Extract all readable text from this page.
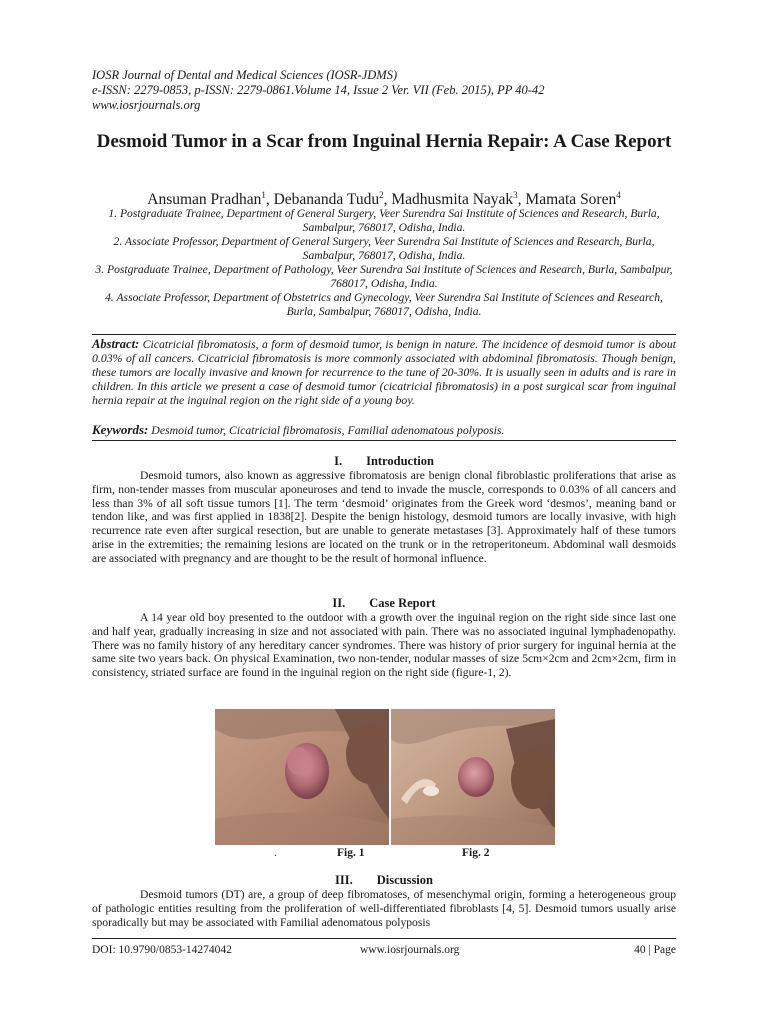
IOSR Journal of Dental and Medical Sciences (IOSR-JDMS)
e-ISSN: 2279-0853, p-ISSN: 2279-0861.Volume 14, Issue 2 Ver. VII (Feb. 2015), PP 40-42
www.iosrjournals.org
Desmoid Tumor in a Scar from Inguinal Hernia Repair: A Case Report
Ansuman Pradhan$^1$, Debananda Tudu$^2$, Madhusmita Nayak$^3$, Mamata Soren$^4$

1. Postgraduate Trainee, Department of General Surgery, Veer Surendra Sai Institute of Sciences and Research, Burla, Sambalpur, 768017, Odisha, India.

2. Associate Professor, Department of General Surgery, Veer Surendra Sai Institute of Sciences and Research, Burla, Sambalpur, 768017, Odisha, India.

3. Postgraduate Trainee, Department of Pathology, Veer Surendra Sai Institute of Sciences and Research, Burla, Sambalpur, 768017, Odisha, India.

4. Associate Professor, Department of Obstetrics and Gynecology, Veer Surendra Sai Institute of Sciences and Research, Burla, Sambalpur, 768017, Odisha, India.

Abstract: Cicatricial fibromatosis, a form of desmoid tumor, is benign in nature. The incidence of desmoid tumor is about 0.03% of all cancers. Cicatricial fibromatosis is more commonly associated with abdominal fibromatosis. Though benign, these tumors are locally invasive and known for recurrence to the tune of 20-30%. It is usually seen in adults and is rare in children. In this article we present a case of desmoid tumor (cicatricial fibromatosis) in a post surgical scar from inguinal hernia repair at the inguinal region on the right side of a young boy.
Keywords: Desmoid tumor, Cicatricial fibromatosis, Familial adenomatous polyposis.
I. Introduction
Desmoid tumors, also known as aggressive fibromatosis are benign clonal fibroblastic proliferations that arise as firm, non-tender masses from muscular aponeuroses and tend to invade the muscle, corresponds to 0.03% of all cancers and less than 3% of all soft tissue tumors [1]. The term ‘desmoid’ originates from the Greek word ‘desmos’, meaning band or tendon like, and was first applied in 1838[2]. Despite the benign histology, desmoid tumors are locally invasive, with high recurrence rate even after surgical resection, but are unable to generate metastases [3]. Approximately half of these tumors arise in the extremities; the remaining lesions are located on the trunk or in the retroperitoneum. Abdominal wall desmoids are associated with pregnancy and are thought to be the result of hormonal influence.
II. Case Report
A 14 year old boy presented to the outdoor with a growth over the inguinal region on the right side since last one and half year, gradually increasing in size and not associated with pain. There was no associated inguinal lymphadenopathy. There was no family history of any hereditary cancer syndromes. There was history of prior surgery for inguinal hernia at the same site two years back. On physical Examination, two non-tender, nodular masses of size 5cm×2cm and 2cm×2cm, firm in consistency, striated surface are found in the inguinal region on the right side (figure-1, 2).
.	Fig. 1	Fig. 2
III. Discussion
Desmoid tumors (DT) are, a group of deep fibromatoses, of mesenchymal origin, forming a heterogeneous group of pathologic entities resulting from the proliferation of well-differentiated fibroblasts [4, 5]. Desmoid tumors usually arise sporadically but may be associated with Familial adenomatous polyposis
DOI: 10.9790/0853-14274042	www.iosrjournals.org	40 | Page
